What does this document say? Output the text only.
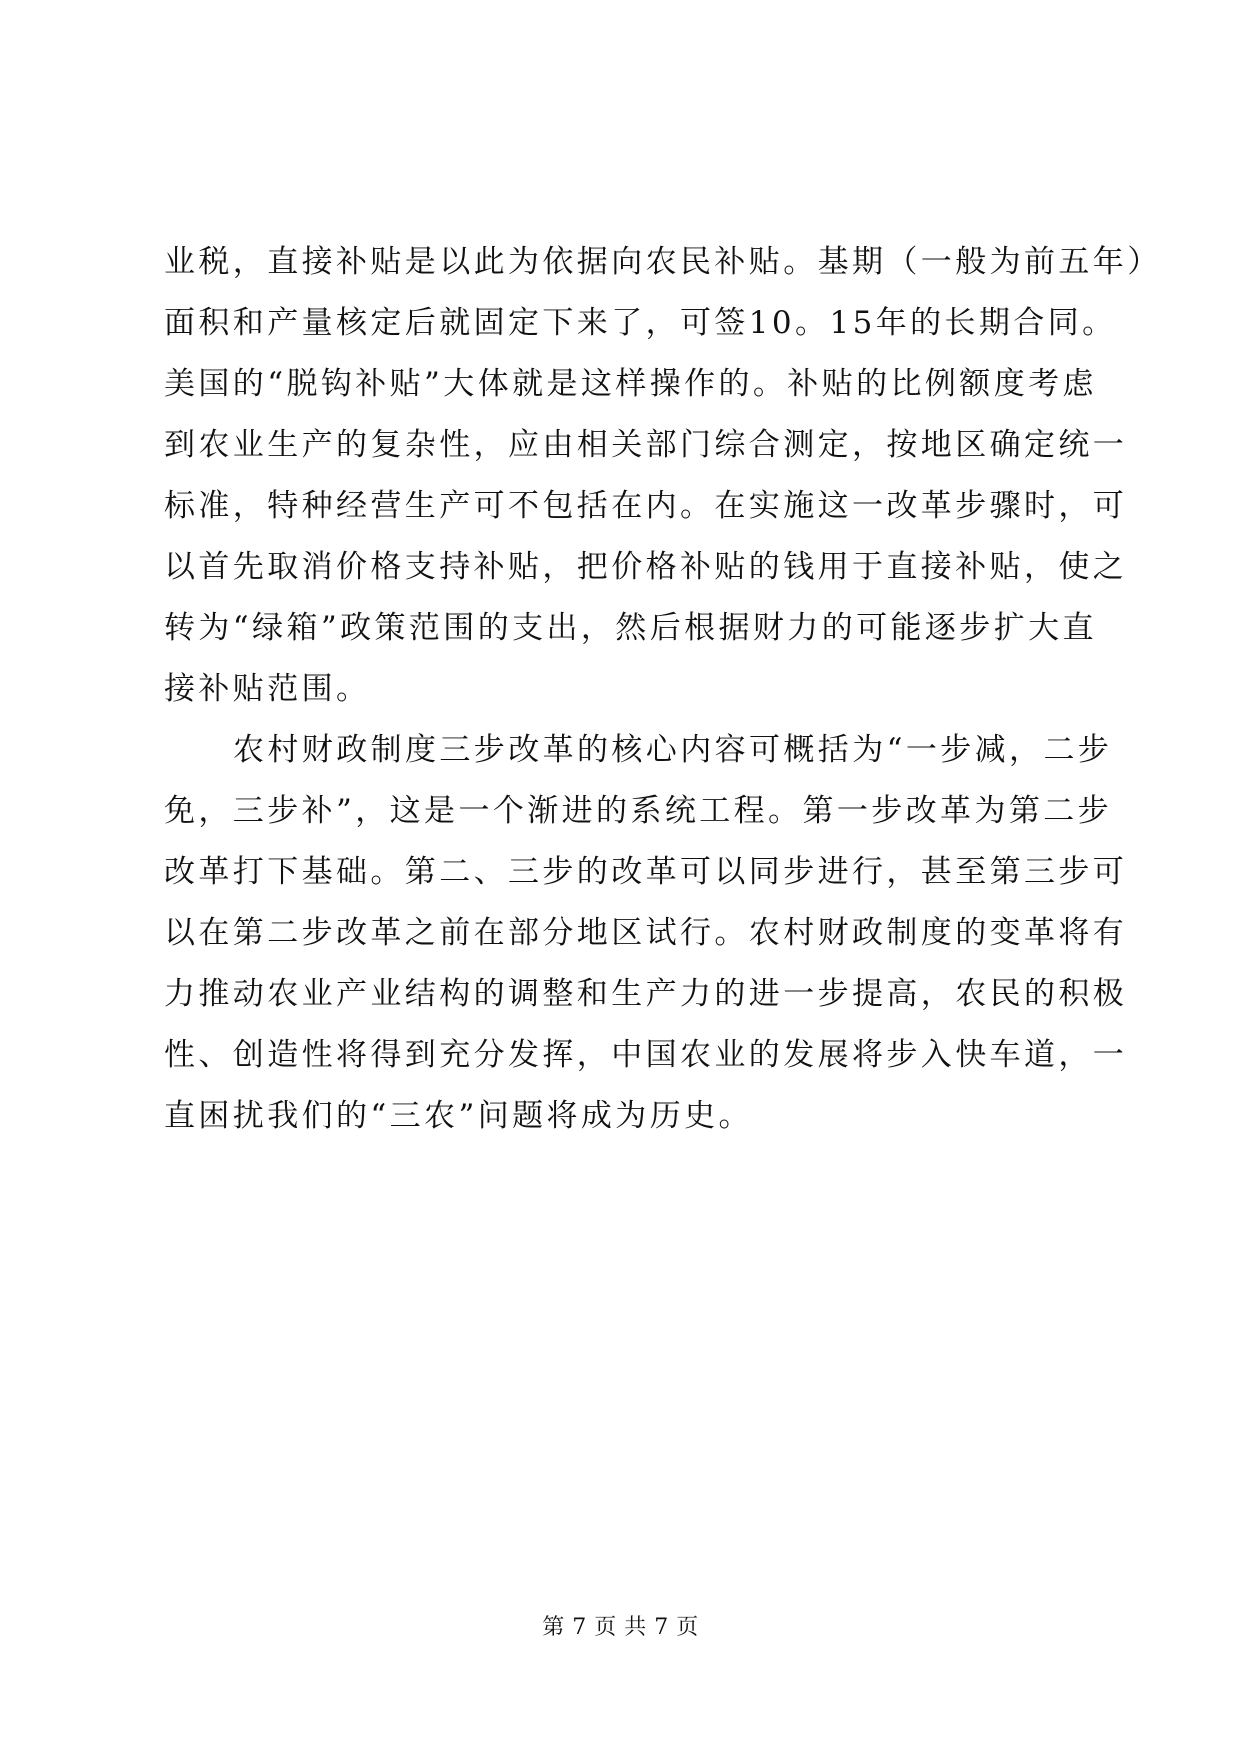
业税，直接补贴是以此为依据向农民补贴。基期（一般为前五年）
面积和产量核定后就固定下来了，可签10。15年的长期合同。
美国的“脱钩补贴”大体就是这样操作的。补贴的比例额度考虑
到农业生产的复杂性，应由相关部门综合测定，按地区确定统一
标准，特种经营生产可不包括在内。在实施这一改革步骤时，可
以首先取消价格支持补贴，把价格补贴的钱用于直接补贴，使之
转为“绿箱”政策范围的支出，然后根据财力的可能逐步扩大直
接补贴范围。
农村财政制度三步改革的核心内容可概括为“一步减，二步
免，三步补”，这是一个渐进的系统工程。第一步改革为第二步
改革打下基础。第二、三步的改革可以同步进行，甚至第三步可
以在第二步改革之前在部分地区试行。农村财政制度的变革将有
力推动农业产业结构的调整和生产力的进一步提高，农民的积极
性、创造性将得到充分发挥，中国农业的发展将步入快车道，一
直困扰我们的“三农”问题将成为历史。
第 7 页 共 7 页
